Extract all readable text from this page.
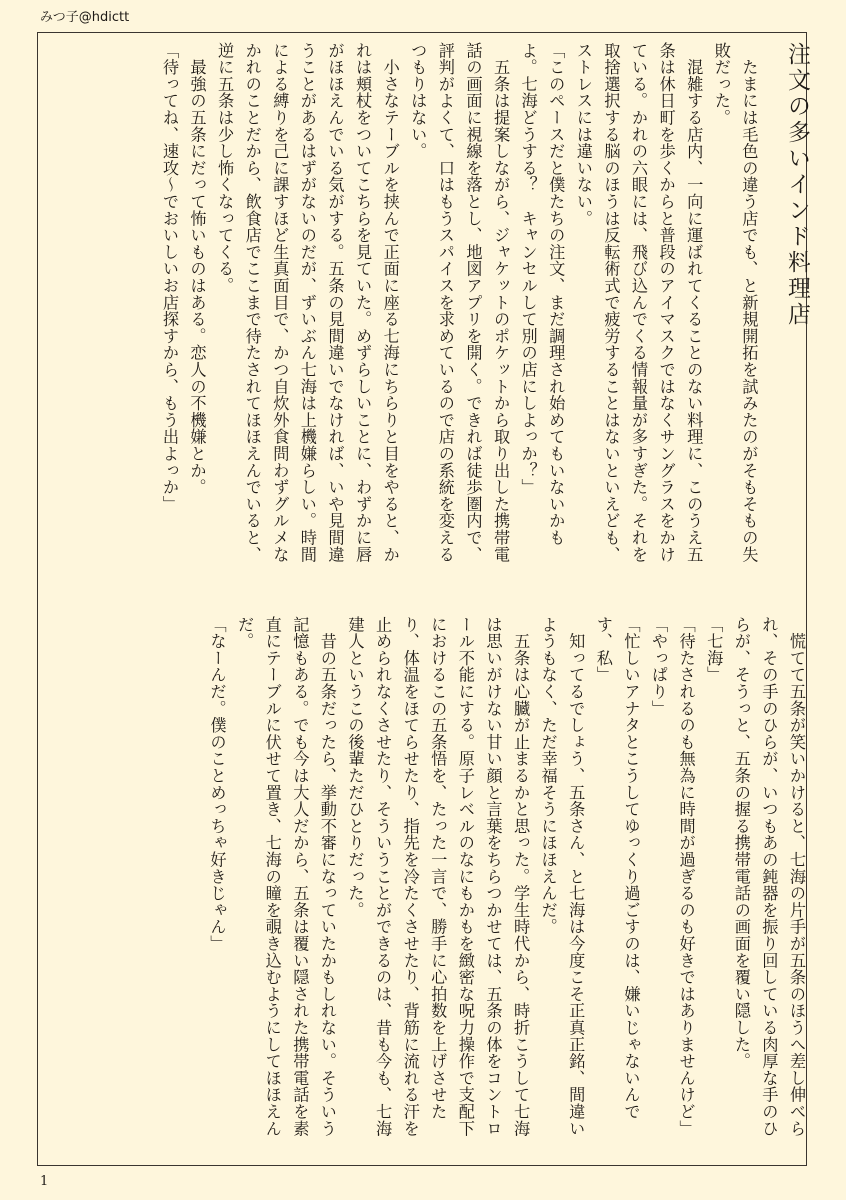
みつ子@hdictt
注文の多いインド料理店

　たまには毛色の違う店でも、と新規開拓を試みたのがそもそもの失敗だった。

　混雑する店内、一向に運ばれてくることのない料理に、このうえ五条は休日町を歩くからと普段のアイマスクではなくサングラスをかけている。かれの六眼には、飛び込んでくる情報量が多すぎた。それを取捨選択する脳のほうは反転術式で疲労することはないといえども、ストレスには違いない。

「このペースだと僕たちの注文、まだ調理され始めてもいないかもよ。七海どうする？　キャンセルして別の店にしよっか？」

　五条は提案しながら、ジャケットのポケットから取り出した携帯電話の画面に視線を落とし、地図アプリを開く。できれば徒歩圏内で、評判がよくて、口はもうスパイスを求めているので店の系統を変えるつもりはない。

　小さなテーブルを挟んで正面に座る七海にちらりと目をやると、かれは頬杖をついてこちらを見ていた。めずらしいことに、わずかに唇がほほえんでいる気がする。五条の見間違いでなければ、いや見間違うことがあるはずがないのだが、ずいぶん七海は上機嫌らしい。時間による縛りを己に課すほど生真面目で、かつ自炊外食問わずグルメなかれのことだから、飲食店でここまで待たされてほほえんでいると、逆に五条は少し怖くなってくる。

　最強の五条にだって怖いものはある。恋人の不機嫌とか。

「待ってね、速攻～でおいしいお店探すから、もう出よっか」

　慌てて五条が笑いかけると、七海の片手が五条のほうへ差し伸べられ、その手のひらが、いつもあの鈍器を振り回している肉厚な手のひらが、そうっと、五条の握る携帯電話の画面を覆い隠した。

「七海」

「待たされるのも無為に時間が過ぎるのも好きではありませんけど」

「やっぱり」

「忙しいアナタとこうしてゆっくり過ごすのは、嫌いじゃないんです、私」

　知ってるでしょう、五条さん、と七海は今度こそ正真正銘、間違いようもなく、ただ幸福そうにほほえんだ。

　五条は心臓が止まるかと思った。学生時代から、時折こうして七海は思いがけない甘い顔と言葉をちらつかせては、五条の体をコントロール不能にする。原子レベルのなにもかもを緻密な呪力操作で支配下におけるこの五条悟を、たった一言で、勝手に心拍数を上げさせたり、体温をほてらせたり、指先を冷たくさせたり、背筋に流れる汗を止められなくさせたり、そういうことができるのは、昔も今も、七海建人というこの後輩ただひとりだった。

　昔の五条だったら、挙動不審になっていたかもしれない。そういう記憶もある。でも今は大人だから、五条は覆い隠された携帯電話を素直にテーブルに伏せて置き、七海の瞳を覗き込むようにしてほほえんだ。

「なーんだ。僕のことめっちゃ好きじゃん」

1
